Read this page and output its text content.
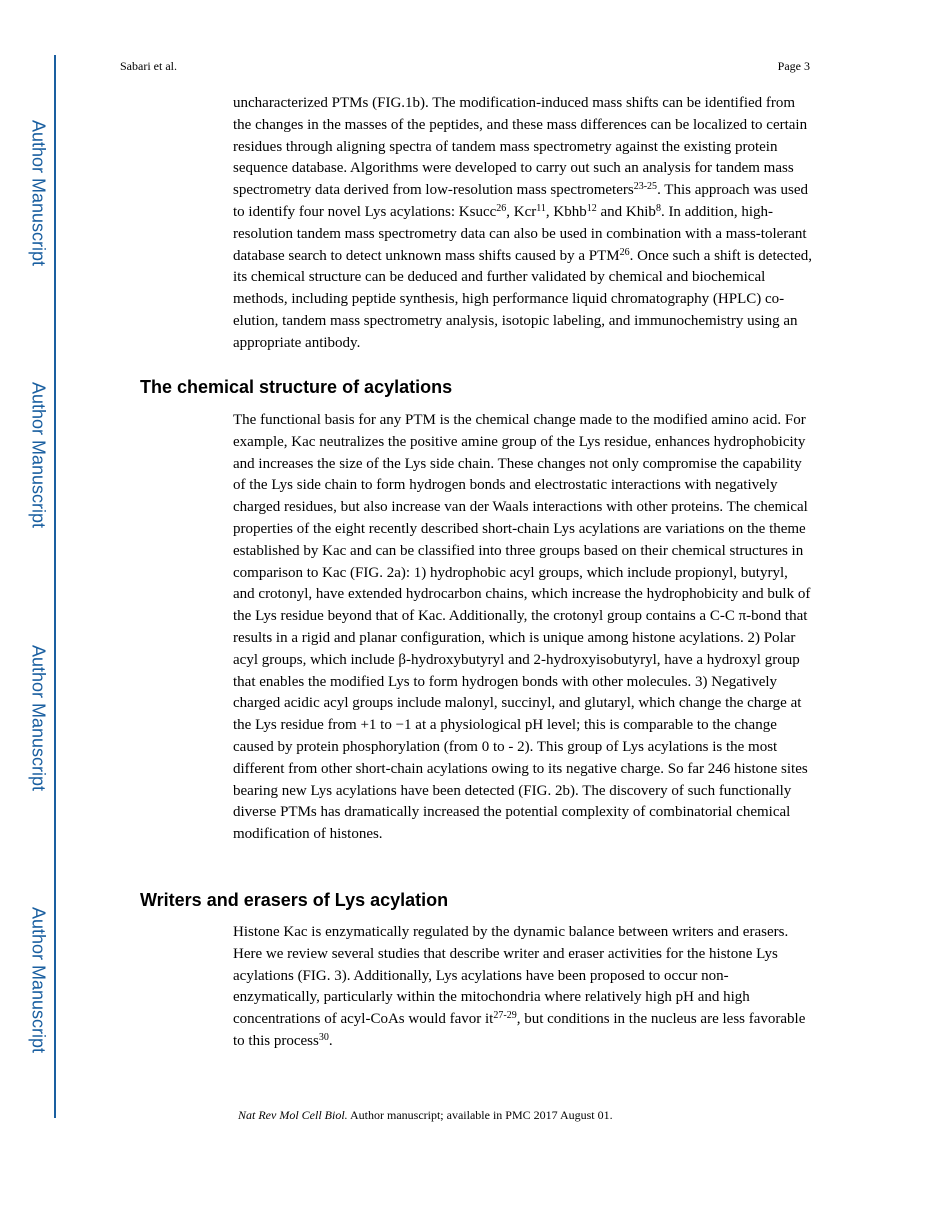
Author Manuscript
Author Manuscript
Author Manuscript
Author Manuscript
Sabari et al.	Page 3

uncharacterized PTMs (FIG.1b). The modification-induced mass shifts can be identified from the changes in the masses of the peptides, and these mass differences can be localized to certain residues through aligning spectra of tandem mass spectrometry against the existing protein sequence database. Algorithms were developed to carry out such an analysis for tandem mass spectrometry data derived from low-resolution mass spectrometers$^{23-25}$. This approach was used to identify four novel Lys acylations: Ksucc$^{26}$, Kcr$^{11}$, Kbhb$^{12}$ and Khib$^8$. In addition, high-resolution tandem mass spectrometry data can also be used in combination with a mass-tolerant database search to detect unknown mass shifts caused by a PTM$^{26}$. Once such a shift is detected, its chemical structure can be deduced and further validated by chemical and biochemical methods, including peptide synthesis, high performance liquid chromatography (HPLC) co-elution, tandem mass spectrometry analysis, isotopic labeling, and immunochemistry using an appropriate antibody.

The chemical structure of acylations

The functional basis for any PTM is the chemical change made to the modified amino acid. For example, Kac neutralizes the positive amine group of the Lys residue, enhances hydrophobicity and increases the size of the Lys side chain. These changes not only compromise the capability of the Lys side chain to form hydrogen bonds and electrostatic interactions with negatively charged residues, but also increase van der Waals interactions with other proteins. The chemical properties of the eight recently described short-chain Lys acylations are variations on the theme established by Kac and can be classified into three groups based on their chemical structures in comparison to Kac (FIG. 2a): 1) hydrophobic acyl groups, which include propionyl, butyryl, and crotonyl, have extended hydrocarbon chains, which increase the hydrophobicity and bulk of the Lys residue beyond that of Kac. Additionally, the crotonyl group contains a C-C π-bond that results in a rigid and planar configuration, which is unique among histone acylations. 2) Polar acyl groups, which include β-hydroxybutyryl and 2-hydroxyisobutyryl, have a hydroxyl group that enables the modified Lys to form hydrogen bonds with other molecules. 3) Negatively charged acidic acyl groups include malonyl, succinyl, and glutaryl, which change the charge at the Lys residue from +1 to −1 at a physiological pH level; this is comparable to the change caused by protein phosphorylation (from 0 to - 2). This group of Lys acylations is the most different from other short-chain acylations owing to its negative charge. So far 246 histone sites bearing new Lys acylations have been detected (FIG. 2b). The discovery of such functionally diverse PTMs has dramatically increased the potential complexity of combinatorial chemical modification of histones.

Writers and erasers of Lys acylation

Histone Kac is enzymatically regulated by the dynamic balance between writers and erasers. Here we review several studies that describe writer and eraser activities for the histone Lys acylations (FIG. 3). Additionally, Lys acylations have been proposed to occur non-enzymatically, particularly within the mitochondria where relatively high pH and high concentrations of acyl-CoAs would favor $it^{27-29}$, but conditions in the nucleus are less favorable to this process$^{30}$.

Nat Rev Mol Cell Biol. Author manuscript; available in PMC 2017 August 01.
